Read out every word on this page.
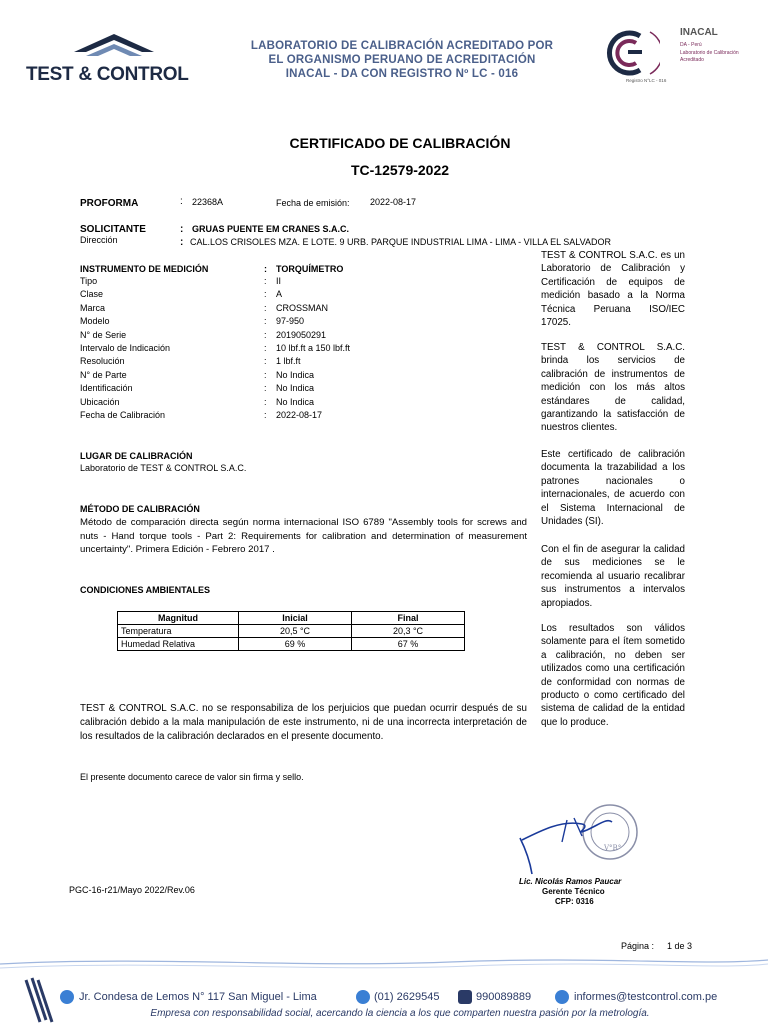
TEST & CONTROL
LABORATORIO DE CALIBRACIÓN ACREDITADO POR
EL ORGANISMO PERUANO DE ACREDITACIÓN
INACAL - DA CON REGISTRO Nº LC - 016
INACAL
DA - Perú
Laboratorio de Calibración
Acreditado
Registro N°LC - 016
CERTIFICADO DE CALIBRACIÓN
TC-12579-2022
PROFORMA	: 22368A	Fecha de emisión: 2022-08-17
SOLICITANTE	: GRUAS PUENTE EM CRANES S.A.C.
Dirección	: CAL.LOS CRISOLES MZA. E LOTE. 9 URB. PARQUE INDUSTRIAL LIMA - LIMA - VILLA EL SALVADOR
INSTRUMENTO DE MEDICIÓN	: TORQUÍMETRO
Tipo	: II
Clase	: A
Marca	: CROSSMAN
Modelo	: 97-950
N° de Serie	: 2019050291
Intervalo de Indicación	: 10 lbf.ft a 150 lbf.ft
Resolución	: 1 lbf.ft
N° de Parte	: No Indica
Identificación	: No Indica
Ubicación	: No Indica
Fecha de Calibración	: 2022-08-17
LUGAR DE CALIBRACIÓN
Laboratorio de TEST & CONTROL S.A.C.
MÉTODO DE CALIBRACIÓN
Método de comparación directa según norma internacional ISO 6789 "Assembly tools for screws and nuts - Hand torque tools - Part 2: Requirements for calibration and determination of measurement uncertainty". Primera Edición - Febrero 2017 .
CONDICIONES AMBIENTALES
Magnitud	Inicial	Final
Temperatura	20,5 °C	20,3 °C
Humedad Relativa	69 %	67 %
TEST & CONTROL S.A.C. no se responsabiliza de los perjuicios que puedan ocurrir después de su calibración debido a la mala manipulación de este instrumento, ni de una incorrecta interpretación de los resultados de la calibración declarados en el presente documento.
El presente documento carece de valor sin firma y sello.
TEST & CONTROL S.A.C. es un Laboratorio de Calibración y Certificación de equipos de medición basado a la Norma Técnica Peruana ISO/IEC 17025.
TEST & CONTROL S.A.C. brinda los servicios de calibración de instrumentos de medición con los más altos estándares de calidad, garantizando la satisfacción de nuestros clientes.
Este certificado de calibración documenta la trazabilidad a los patrones nacionales o internacionales, de acuerdo con el Sistema Internacional de Unidades (SI).
Con el fin de asegurar la calidad de sus mediciones se le recomienda al usuario recalibrar sus instrumentos a intervalos apropiados.
Los resultados son válidos solamente para el ítem sometido a calibración, no deben ser utilizados como una certificación de conformidad con normas de producto o como certificado del sistema de calidad de la entidad que lo produce.
V°B°
Lic. Nicolás Ramos Paucar
Gerente Técnico
CFP: 0316
PGC-16-r21/Mayo 2022/Rev.06
Página : 1 de 3
Jr. Condesa de Lemos N° 117 San Miguel - Lima	(01) 2629545	990089889	informes@testcontrol.com.pe
Empresa con responsabilidad social, acercando la ciencia a los que comparten nuestra pasión por la metrología.
